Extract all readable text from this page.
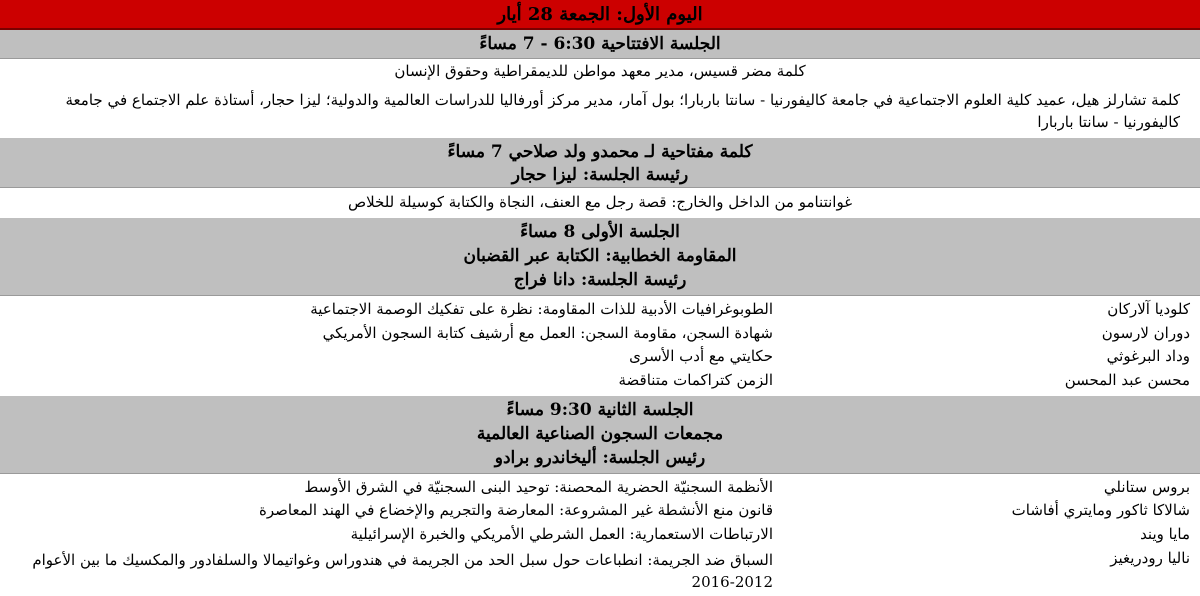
اليوم الأول: الجمعة 28 أيار
الجلسة الافتتاحية 6:30 - 7 مساءً
كلمة مضر قسيس، مدير معهد مواطن للديمقراطية وحقوق الإنسان
كلمة تشارلز هيل، عميد كلية العلوم الاجتماعية في جامعة كاليفورنيا - سانتا باربارا؛ بول آمار، مدير مركز أورفاليا للدراسات العالمية والدولية؛ ليزا حجار، أستاذة علم الاجتماع في جامعة كاليفورنيا - سانتا باربارا
كلمة مفتاحية لـ محمدو ولد صلاحي 7 مساءً
رئيسة الجلسة: ليزا حجار
غوانتنامو من الداخل والخارج: قصة رجل مع العنف، النجاة والكتابة كوسيلة للخلاص
الجلسة الأولى 8 مساءً
المقاومة الخطابية: الكتابة عبر القضبان
رئيسة الجلسة: دانا فراج
كلوديا آلاركان
الطوبوغرافيات الأدبية للذات المقاومة: نظرة على تفكيك الوصمة الاجتماعية
دوران لارسون
شهادة السجن، مقاومة السجن: العمل مع أرشيف كتابة السجون الأمريكي
وداد البرغوثي
حكايتي مع أدب الأسرى
محسن عبد المحسن
الزمن كتراكمات متناقضة
الجلسة الثانية 9:30 مساءً
مجمعات السجون الصناعية العالمية
رئيس الجلسة: أليخاندرو برادو
بروس ستانلي
الأنظمة السجنيّة الحضرية المحصنة: توحيد البنى السجنيّة في الشرق الأوسط
شالاكا ثاكور ومايتري أفاشات
قانون منع الأنشطة غير المشروعة: المعارضة والتجريم والإخضاع في الهند المعاصرة
مايا ويند
الارتباطات الاستعمارية: العمل الشرطي الأمريكي والخبرة الإسرائيلية
ناليا رودريغيز
السباق ضد الجريمة: انطباعات حول سبل الحد من الجريمة في هندوراس وغواتيمالا والسلفادور والمكسيك ما بين الأعوام 2012-2016
